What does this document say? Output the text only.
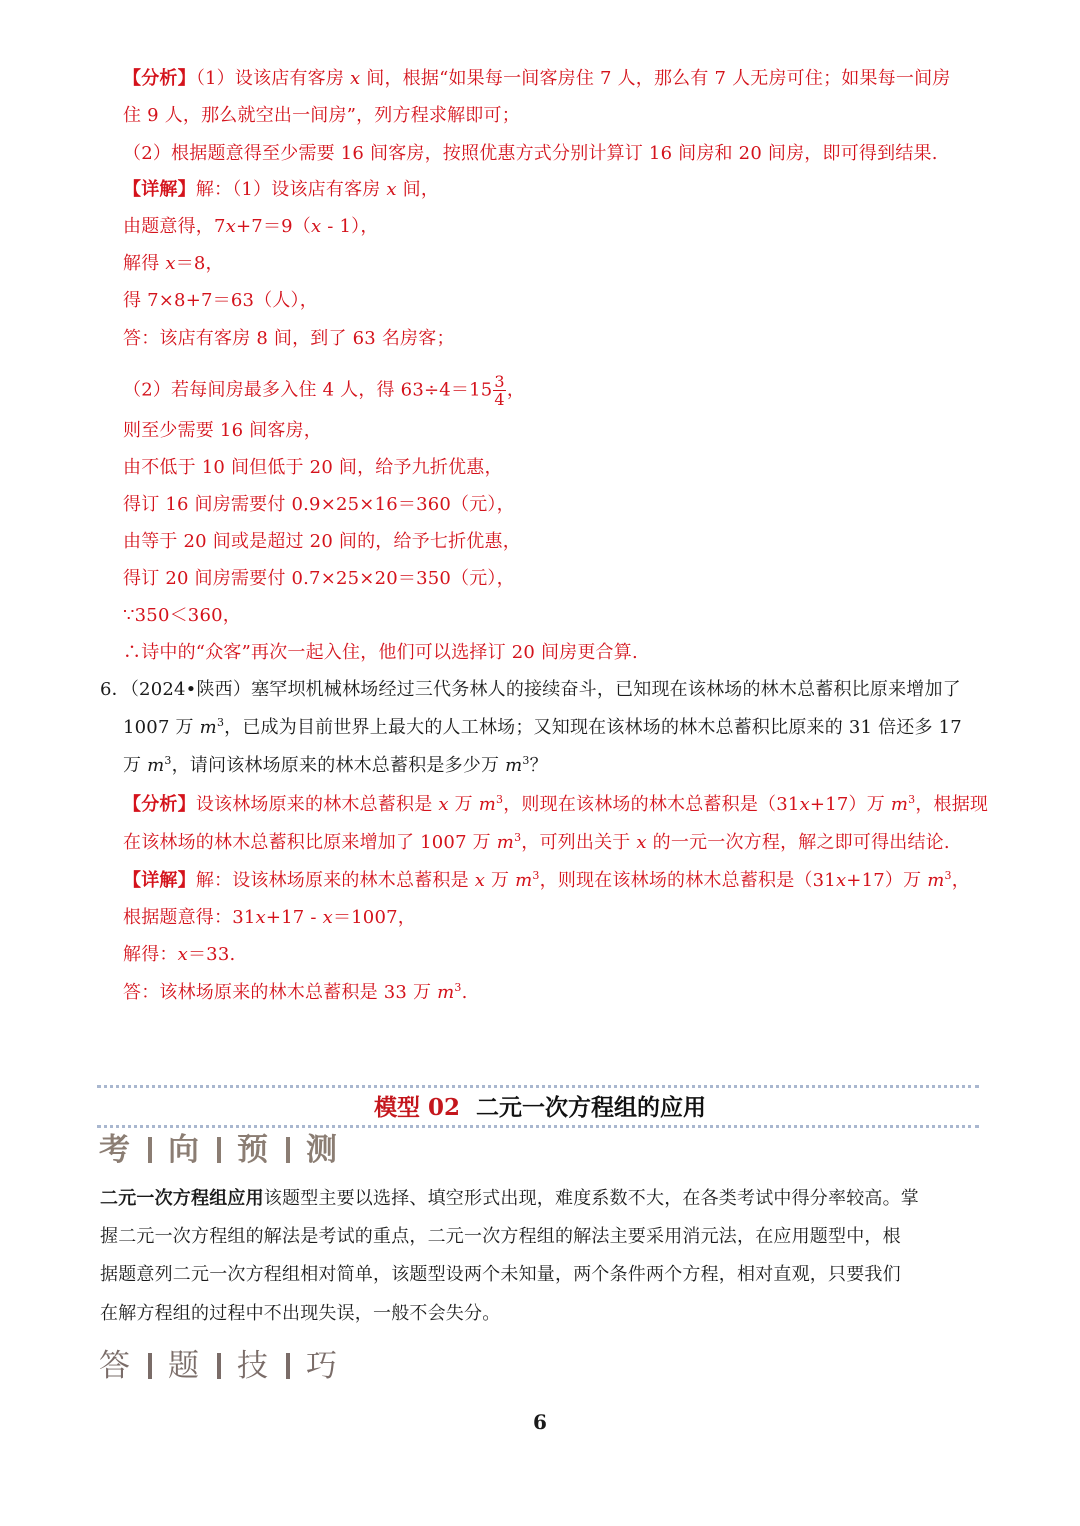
【分析】（1）设该店有客房 x 间，根据“如果每一间客房住 7 人，那么有 7 人无房可住；如果每一间房
住 9 人，那么就空出一间房”，列方程求解即可；
（2）根据题意得至少需要 16 间客房，按照优惠方式分别计算订 16 间房和 20 间房，即可得到结果.
【详解】解：（1）设该店有客房 x 间，
由题意得，7x+7＝9（x - 1），
解得 x＝8，
得 7×8+7＝63（人），
答：该店有客房 8 间，到了 63 名房客；
（2）若每间房最多入住 4 人，得 $63\div 4=15 \frac{3}{4}$ ，
则至少需要 16 间客房，
由不低于 10 间但低于 20 间，给予九折优惠，
得订 16 间房需要付 0.9×25×16＝360（元），
由等于 20 间或是超过 20 间的，给予七折优惠，
得订 20 间房需要付 0.7×25×20＝350（元），
∵350＜360，
∴诗中的“众客”再次一起入住，他们可以选择订 20 间房更合算.
6．（2024•陕西）塞罕坝机械林场经过三代务林人的接续奋斗，已知现在该林场的林木总蓄积比原来增加了
1007 万 $m^3$，已成为目前世界上最大的人工林场；又知现在该林场的林木总蓄积比原来的 31 倍还多 17
万 $m^3$，请问该林场原来的林木总蓄积是多少万 $m^3$？
【分析】设该林场原来的林木总蓄积是 x 万 $m^3$，则现在该林场的林木总蓄积是（31x+17）万 $m^3$，根据现
在该林场的林木总蓄积比原来增加了 1007 万 $m^3$，可列出关于 x 的一元一次方程，解之即可得出结论.
【详解】解：设该林场原来的林木总蓄积是 x 万 $m^3$，则现在该林场的林木总蓄积是（31x+17）万 $m^3$，
根据题意得：31x+17 - x＝1007，
解得：x＝33.
答：该林场原来的林木总蓄积是 33 万 $m^3$.
模型 02 二元一次方程组的应用
考 向 预 测
二元一次方程组应用该题型主要以选择、填空形式出现，难度系数不大，在各类考试中得分率较高。掌
握二元一次方程组的解法是考试的重点，二元一次方程组的解法主要采用消元法，在应用题型中，根
据题意列二元一次方程组相对简单，该题型设两个未知量，两个条件两个方程，相对直观，只要我们
在解方程组的过程中不出现失误，一般不会失分。
答 题 技 巧
6
